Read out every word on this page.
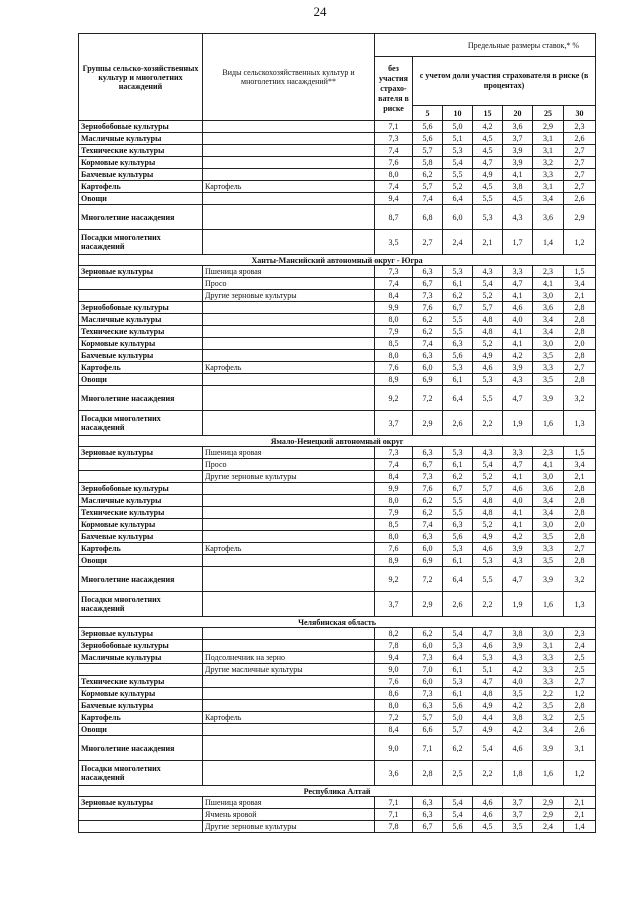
24
Группы сельско-хозяйственных культур и многолетних насаждений	Виды сельскохозяйственных культур и многолетних насаждений**	Предельные размеры ставок,* %						
		без участия страхо-вателя в риске	с учетом доли участия страхователя в риске (в процентах)					
			5	10	15	20	25	30
Зернобобовые культуры		7,1	5,6	5,0	4,2	3,6	2,9	2,3
Масличные культуры		7,3	5,6	5,1	4,5	3,7	3,1	2,6
Технические культуры		7,4	5,7	5,3	4,5	3,9	3,1	2,7
Кормовые культуры		7,6	5,8	5,4	4,7	3,9	3,2	2,7
Бахчевые культуры		8,0	6,2	5,5	4,9	4,1	3,3	2,7
Картофель	Картофель	7,4	5,7	5,2	4,5	3,8	3,1	2,7
Овощи		9,4	7,4	6,4	5,5	4,5	3,4	2,6
Многолетние насаждения		8,7	6,8	6,0	5,3	4,3	3,6	2,9
Посадки многолетних насаждений		3,5	2,7	2,4	2,1	1,7	1,4	1,2
Ханты-Мансийский автономный округ - Югра								
Зерновые культуры	Пшеница яровая	7,3	6,3	5,3	4,3	3,3	2,3	1,5
	Просо	7,4	6,7	6,1	5,4	4,7	4,1	3,4
	Другие зерновые культуры	8,4	7,3	6,2	5,2	4,1	3,0	2,1
Зернобобовые культуры		9,9	7,6	6,7	5,7	4,6	3,6	2,8
Масличные культуры		8,0	6,2	5,5	4,8	4,0	3,4	2,8
Технические культуры		7,9	6,2	5,5	4,8	4,1	3,4	2,8
Кормовые культуры		8,5	7,4	6,3	5,2	4,1	3,0	2,0
Бахчевые культуры		8,0	6,3	5,6	4,9	4,2	3,5	2,8
Картофель	Картофель	7,6	6,0	5,3	4,6	3,9	3,3	2,7
Овощи		8,9	6,9	6,1	5,3	4,3	3,5	2,8
Многолетние насаждения		9,2	7,2	6,4	5,5	4,7	3,9	3,2
Посадки многолетних насаждений		3,7	2,9	2,6	2,2	1,9	1,6	1,3
Ямало-Ненецкий автономный округ								
Зерновые культуры	Пшеница яровая	7,3	6,3	5,3	4,3	3,3	2,3	1,5
	Просо	7,4	6,7	6,1	5,4	4,7	4,1	3,4
	Другие зерновые культуры	8,4	7,3	6,2	5,2	4,1	3,0	2,1
Зернобобовые культуры		9,9	7,6	6,7	5,7	4,6	3,6	2,8
Масличные культуры		8,0	6,2	5,5	4,8	4,0	3,4	2,8
Технические культуры		7,9	6,2	5,5	4,8	4,1	3,4	2,8
Кормовые культуры		8,5	7,4	6,3	5,2	4,1	3,0	2,0
Бахчевые культуры		8,0	6,3	5,6	4,9	4,2	3,5	2,8
Картофель	Картофель	7,6	6,0	5,3	4,6	3,9	3,3	2,7
Овощи		8,9	6,9	6,1	5,3	4,3	3,5	2,8
Многолетние насаждения		9,2	7,2	6,4	5,5	4,7	3,9	3,2
Посадки многолетних насаждений		3,7	2,9	2,6	2,2	1,9	1,6	1,3
Челябинская область								
Зерновые культуры		8,2	6,2	5,4	4,7	3,8	3,0	2,3
Зернобобовые культуры		7,8	6,0	5,3	4,6	3,9	3,1	2,4
Масличные культуры	Подсолнечник на зерно	9,4	7,3	6,4	5,3	4,3	3,3	2,5
	Другие масличные культуры	9,0	7,0	6,1	5,1	4,2	3,3	2,5
Технические культуры		7,6	6,0	5,3	4,7	4,0	3,3	2,7
Кормовые культуры		8,6	7,3	6,1	4,8	3,5	2,2	1,2
Бахчевые культуры		8,0	6,3	5,6	4,9	4,2	3,5	2,8
Картофель	Картофель	7,2	5,7	5,0	4,4	3,8	3,2	2,5
Овощи		8,4	6,6	5,7	4,9	4,2	3,4	2,6
Многолетние насаждения		9,0	7,1	6,2	5,4	4,6	3,9	3,1
Посадки многолетних насаждений		3,6	2,8	2,5	2,2	1,8	1,6	1,2
Республика Алтай								
Зерновые культуры	Пшеница яровая	7,1	6,3	5,4	4,6	3,7	2,9	2,1
	Ячмень яровой	7,1	6,3	5,4	4,6	3,7	2,9	2,1
	Другие зерновые культуры	7,8	6,7	5,6	4,5	3,5	2,4	1,4
